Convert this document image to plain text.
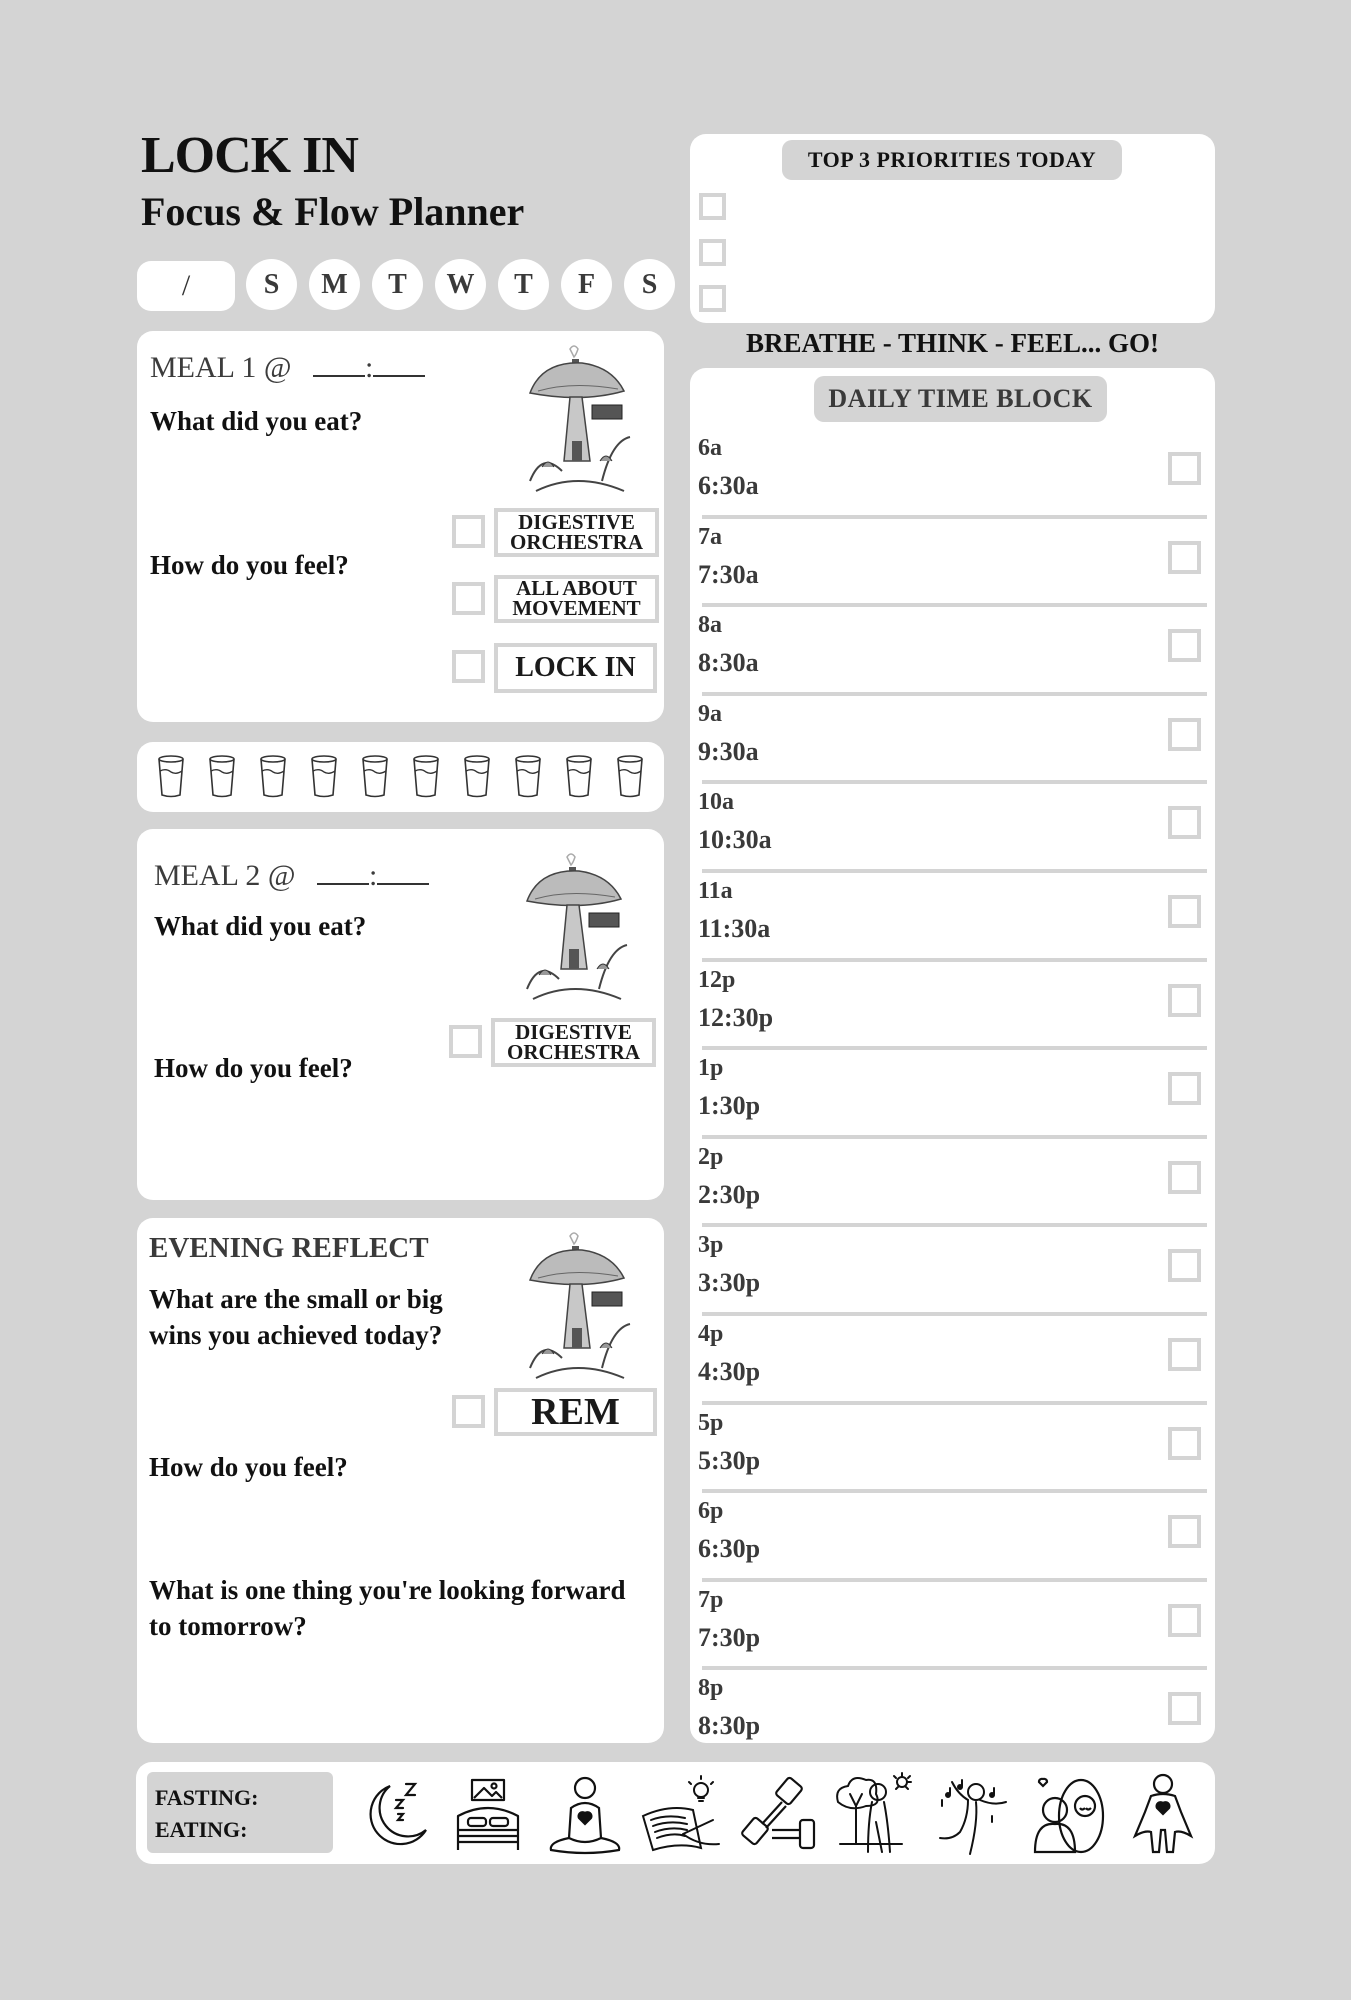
LOCK IN
Focus & Flow Planner
/	S	M	T	W	T	F	S
TOP 3 PRIORITIES TODAY
BREATHE - THINK - FEEL... GO!
MEAL 1 @ :
What did you eat?
How do you feel?
DIGESTIVE
ORCHESTRA
ALL ABOUT
MOVEMENT
LOCK IN
MEAL 2 @ :
What did you eat?
How do you feel?
DIGESTIVE
ORCHESTRA
EVENING REFLECT
What are the small or big
wins you achieved today?
REM
How do you feel?
What is one thing you're looking forward
to tomorrow?
DAILY TIME BLOCK
6a
6:30a
7a
7:30a
8a
8:30a
9a
9:30a
10a
10:30a
11a
11:30a
12p
12:30p
1p
1:30p
2p
2:30p
3p
3:30p
4p
4:30p
5p
5:30p
6p
6:30p
7p
7:30p
8p
8:30p
FASTING:
EATING:
